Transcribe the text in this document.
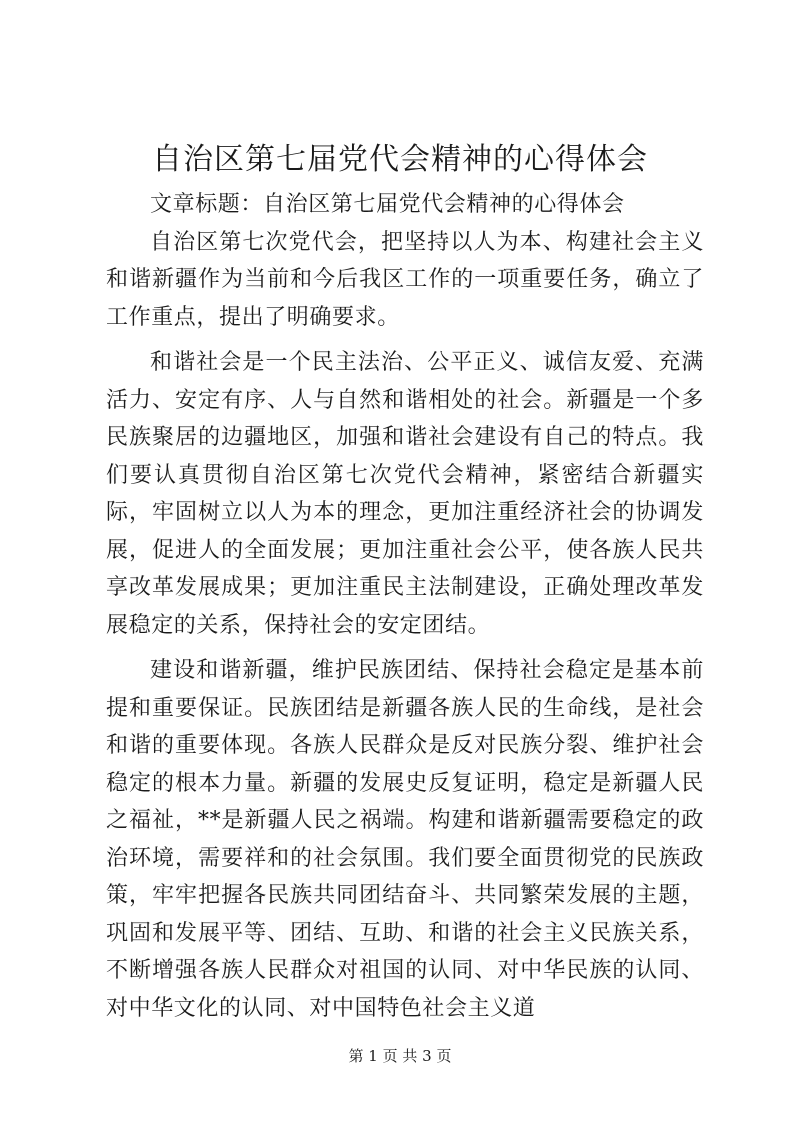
自治区第七届党代会精神的心得体会

文章标题：自治区第七届党代会精神的心得体会

自治区第七次党代会，把坚持以人为本、构建社会主义和谐新疆作为当前和今后我区工作的一项重要任务，确立了工作重点，提出了明确要求。

和谐社会是一个民主法治、公平正义、诚信友爱、充满活力、安定有序、人与自然和谐相处的社会。新疆是一个多民族聚居的边疆地区，加强和谐社会建设有自己的特点。我们要认真贯彻自治区第七次党代会精神，紧密结合新疆实际，牢固树立以人为本的理念，更加注重经济社会的协调发展，促进人的全面发展；更加注重社会公平，使各族人民共享改革发展成果；更加注重民主法制建设，正确处理改革发展稳定的关系，保持社会的安定团结。

建设和谐新疆，维护民族团结、保持社会稳定是基本前提和重要保证。民族团结是新疆各族人民的生命线，是社会和谐的重要体现。各族人民群众是反对民族分裂、维护社会稳定的根本力量。新疆的发展史反复证明，稳定是新疆人民之福祉，**是新疆人民之祸端。构建和谐新疆需要稳定的政治环境，需要祥和的社会氛围。我们要全面贯彻党的民族政策，牢牢把握各民族共同团结奋斗、共同繁荣发展的主题，巩固和发展平等、团结、互助、和谐的社会主义民族关系，不断增强各族人民群众对祖国的认同、对中华民族的认同、对中华文化的认同、对中国特色社会主义道

第 1 页 共 3 页
